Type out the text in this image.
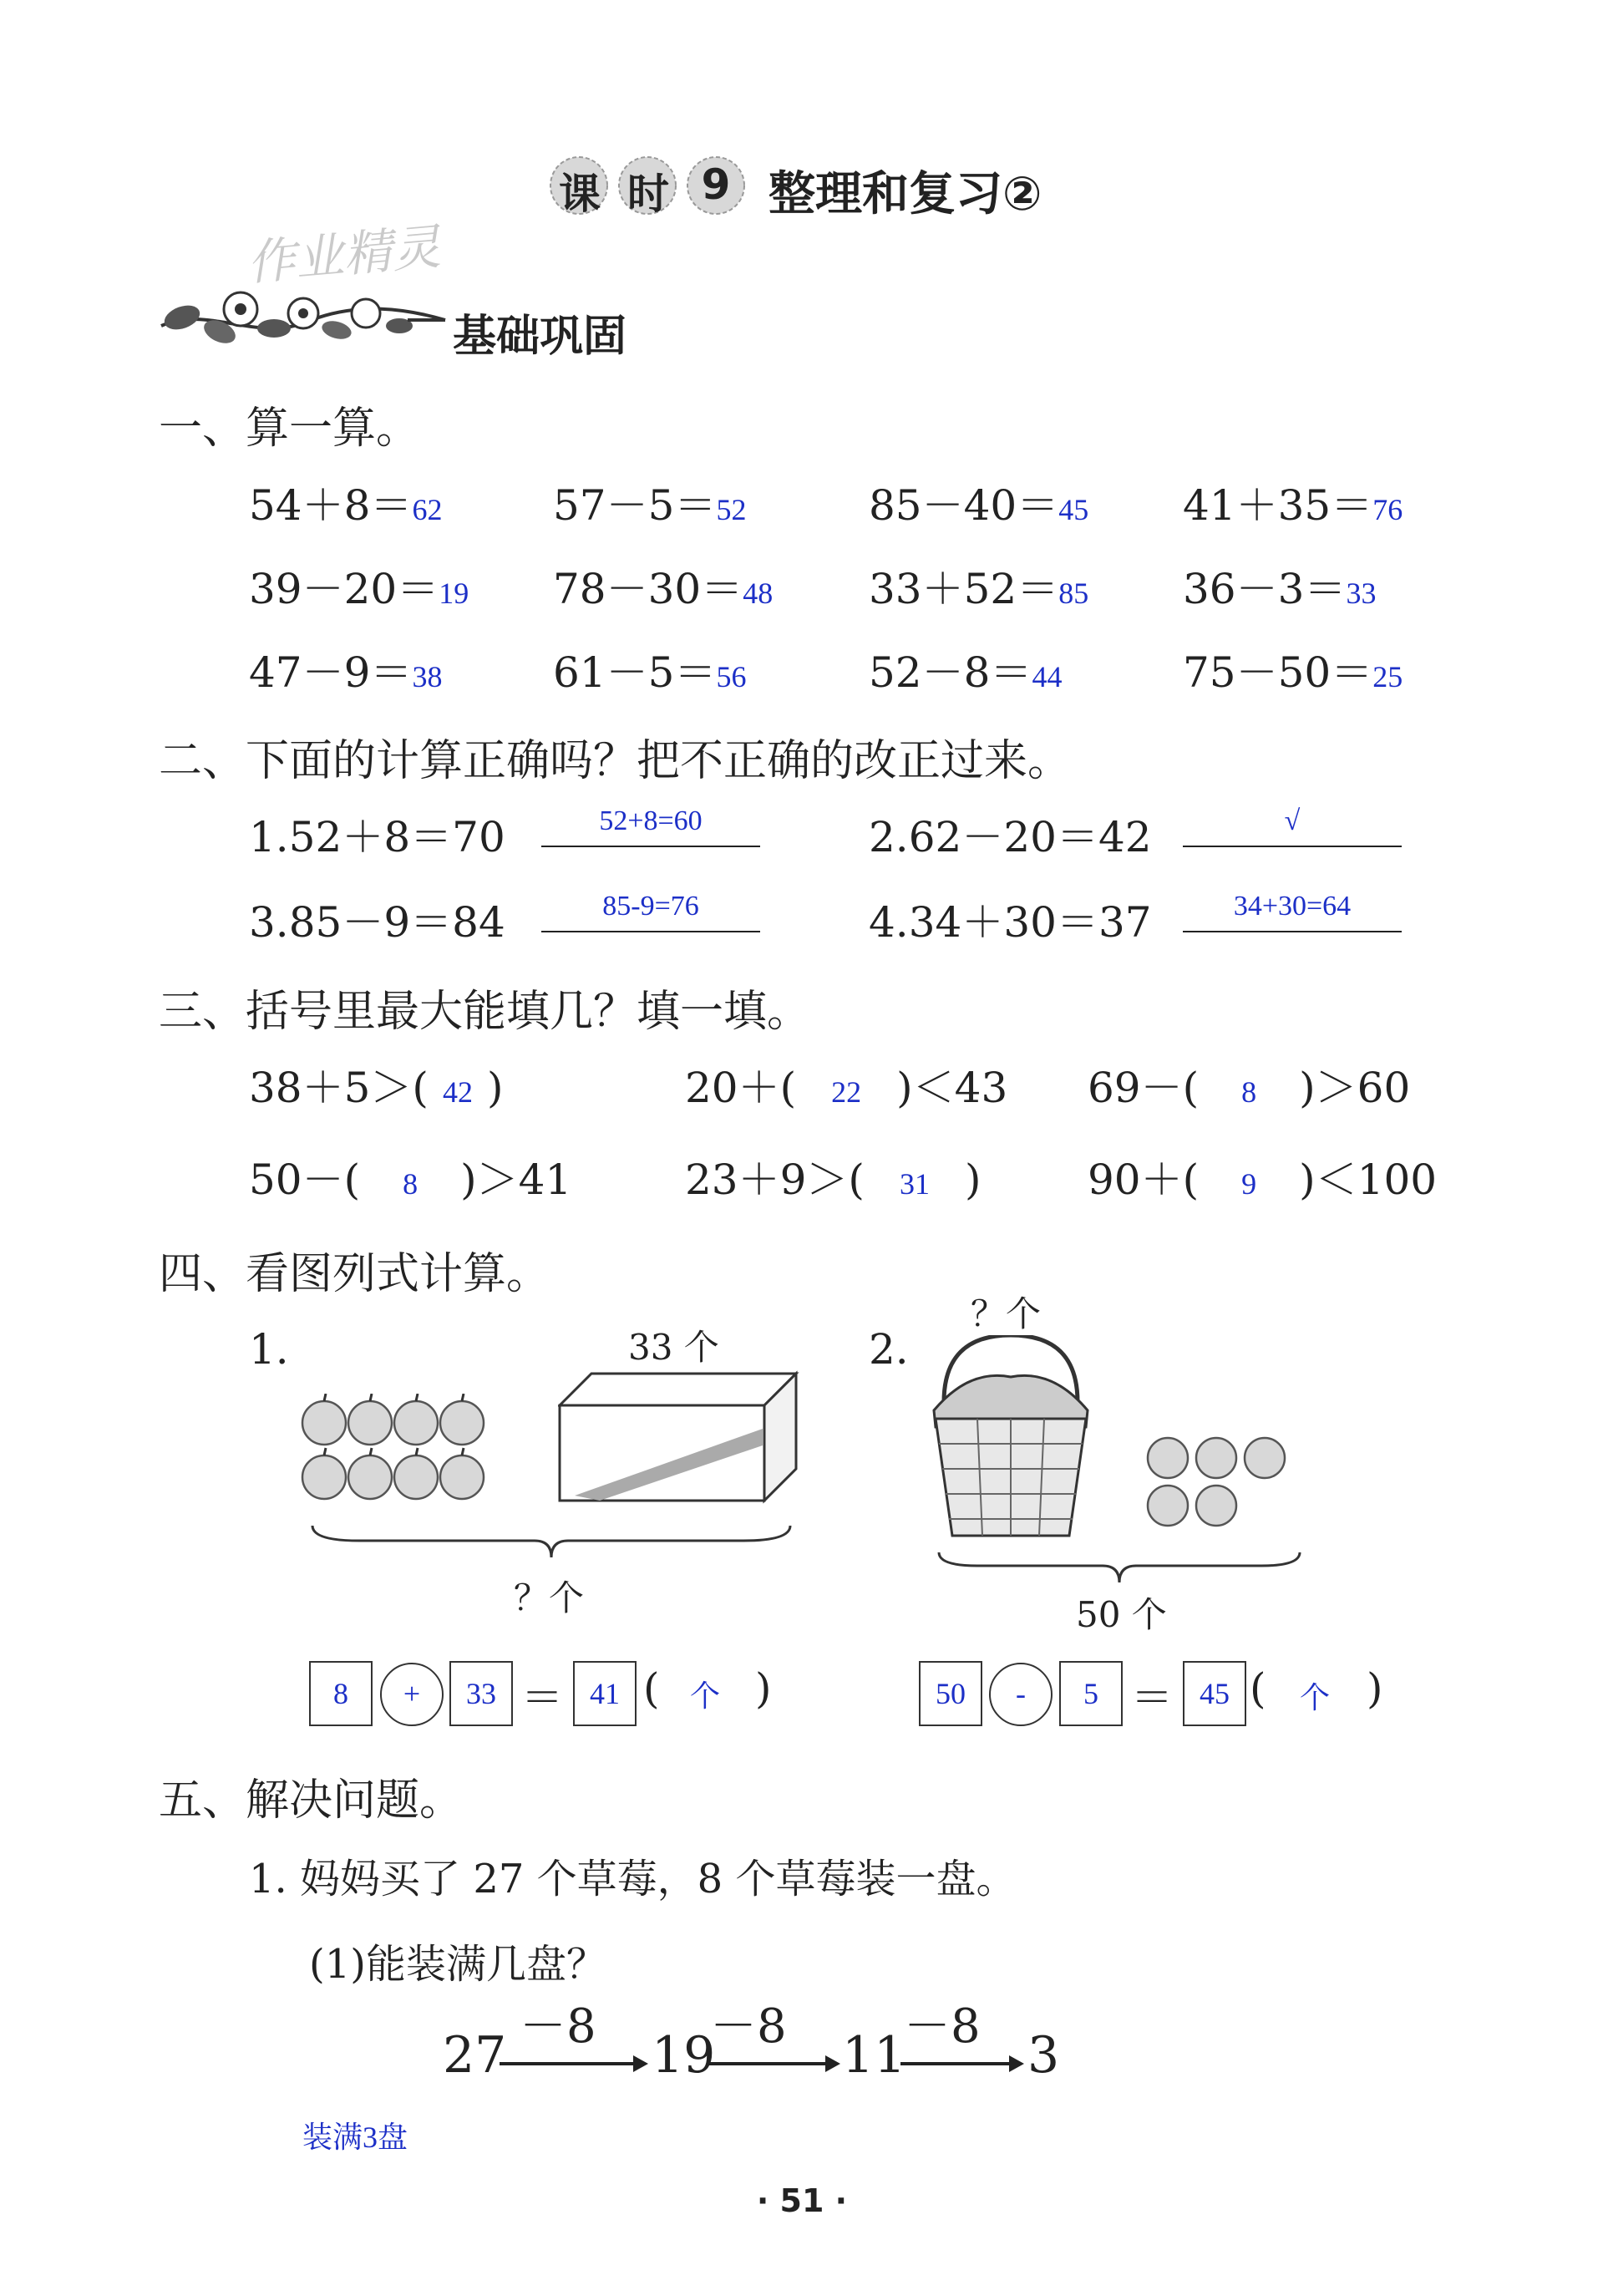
课 时 9 整理和复习②
作业精灵
基础巩固
一、算一算。
54＋8＝62	57－5＝52	85－40＝45 41＋35＝76
39－20＝19 78－30＝48 33＋52＝85 36－3＝33
47－9＝38	61－5＝56	52－8＝44	75－50＝25
二、下面的计算正确吗？把不正确的改正过来。
1.52＋8＝70	52+8=60	2.62－20＝42	√
3.85－9＝84	85-9=76	4.34＋30＝37	34+30=64
三、括号里最大能填几？填一填。
38＋5＞( 42 )	20＋( 22 )＜43 69－( 8 )＞60
50－( 8 )＞41	23＋9＞( 31 )	90＋( 9 )＜100
四、看图列式计算。
1.	33 个
？个
8	+	33 ＝ 41 ( 个 )
2.
？个
50 个
50	-	5 ＝ 45 ( 个 )
五、解决问题。
1. 妈妈买了 27 个草莓，8 个草莓装一盘。
(1)能装满几盘？
27 －8 19
－8 11
－8 3
装满3盘
· 51 ·
